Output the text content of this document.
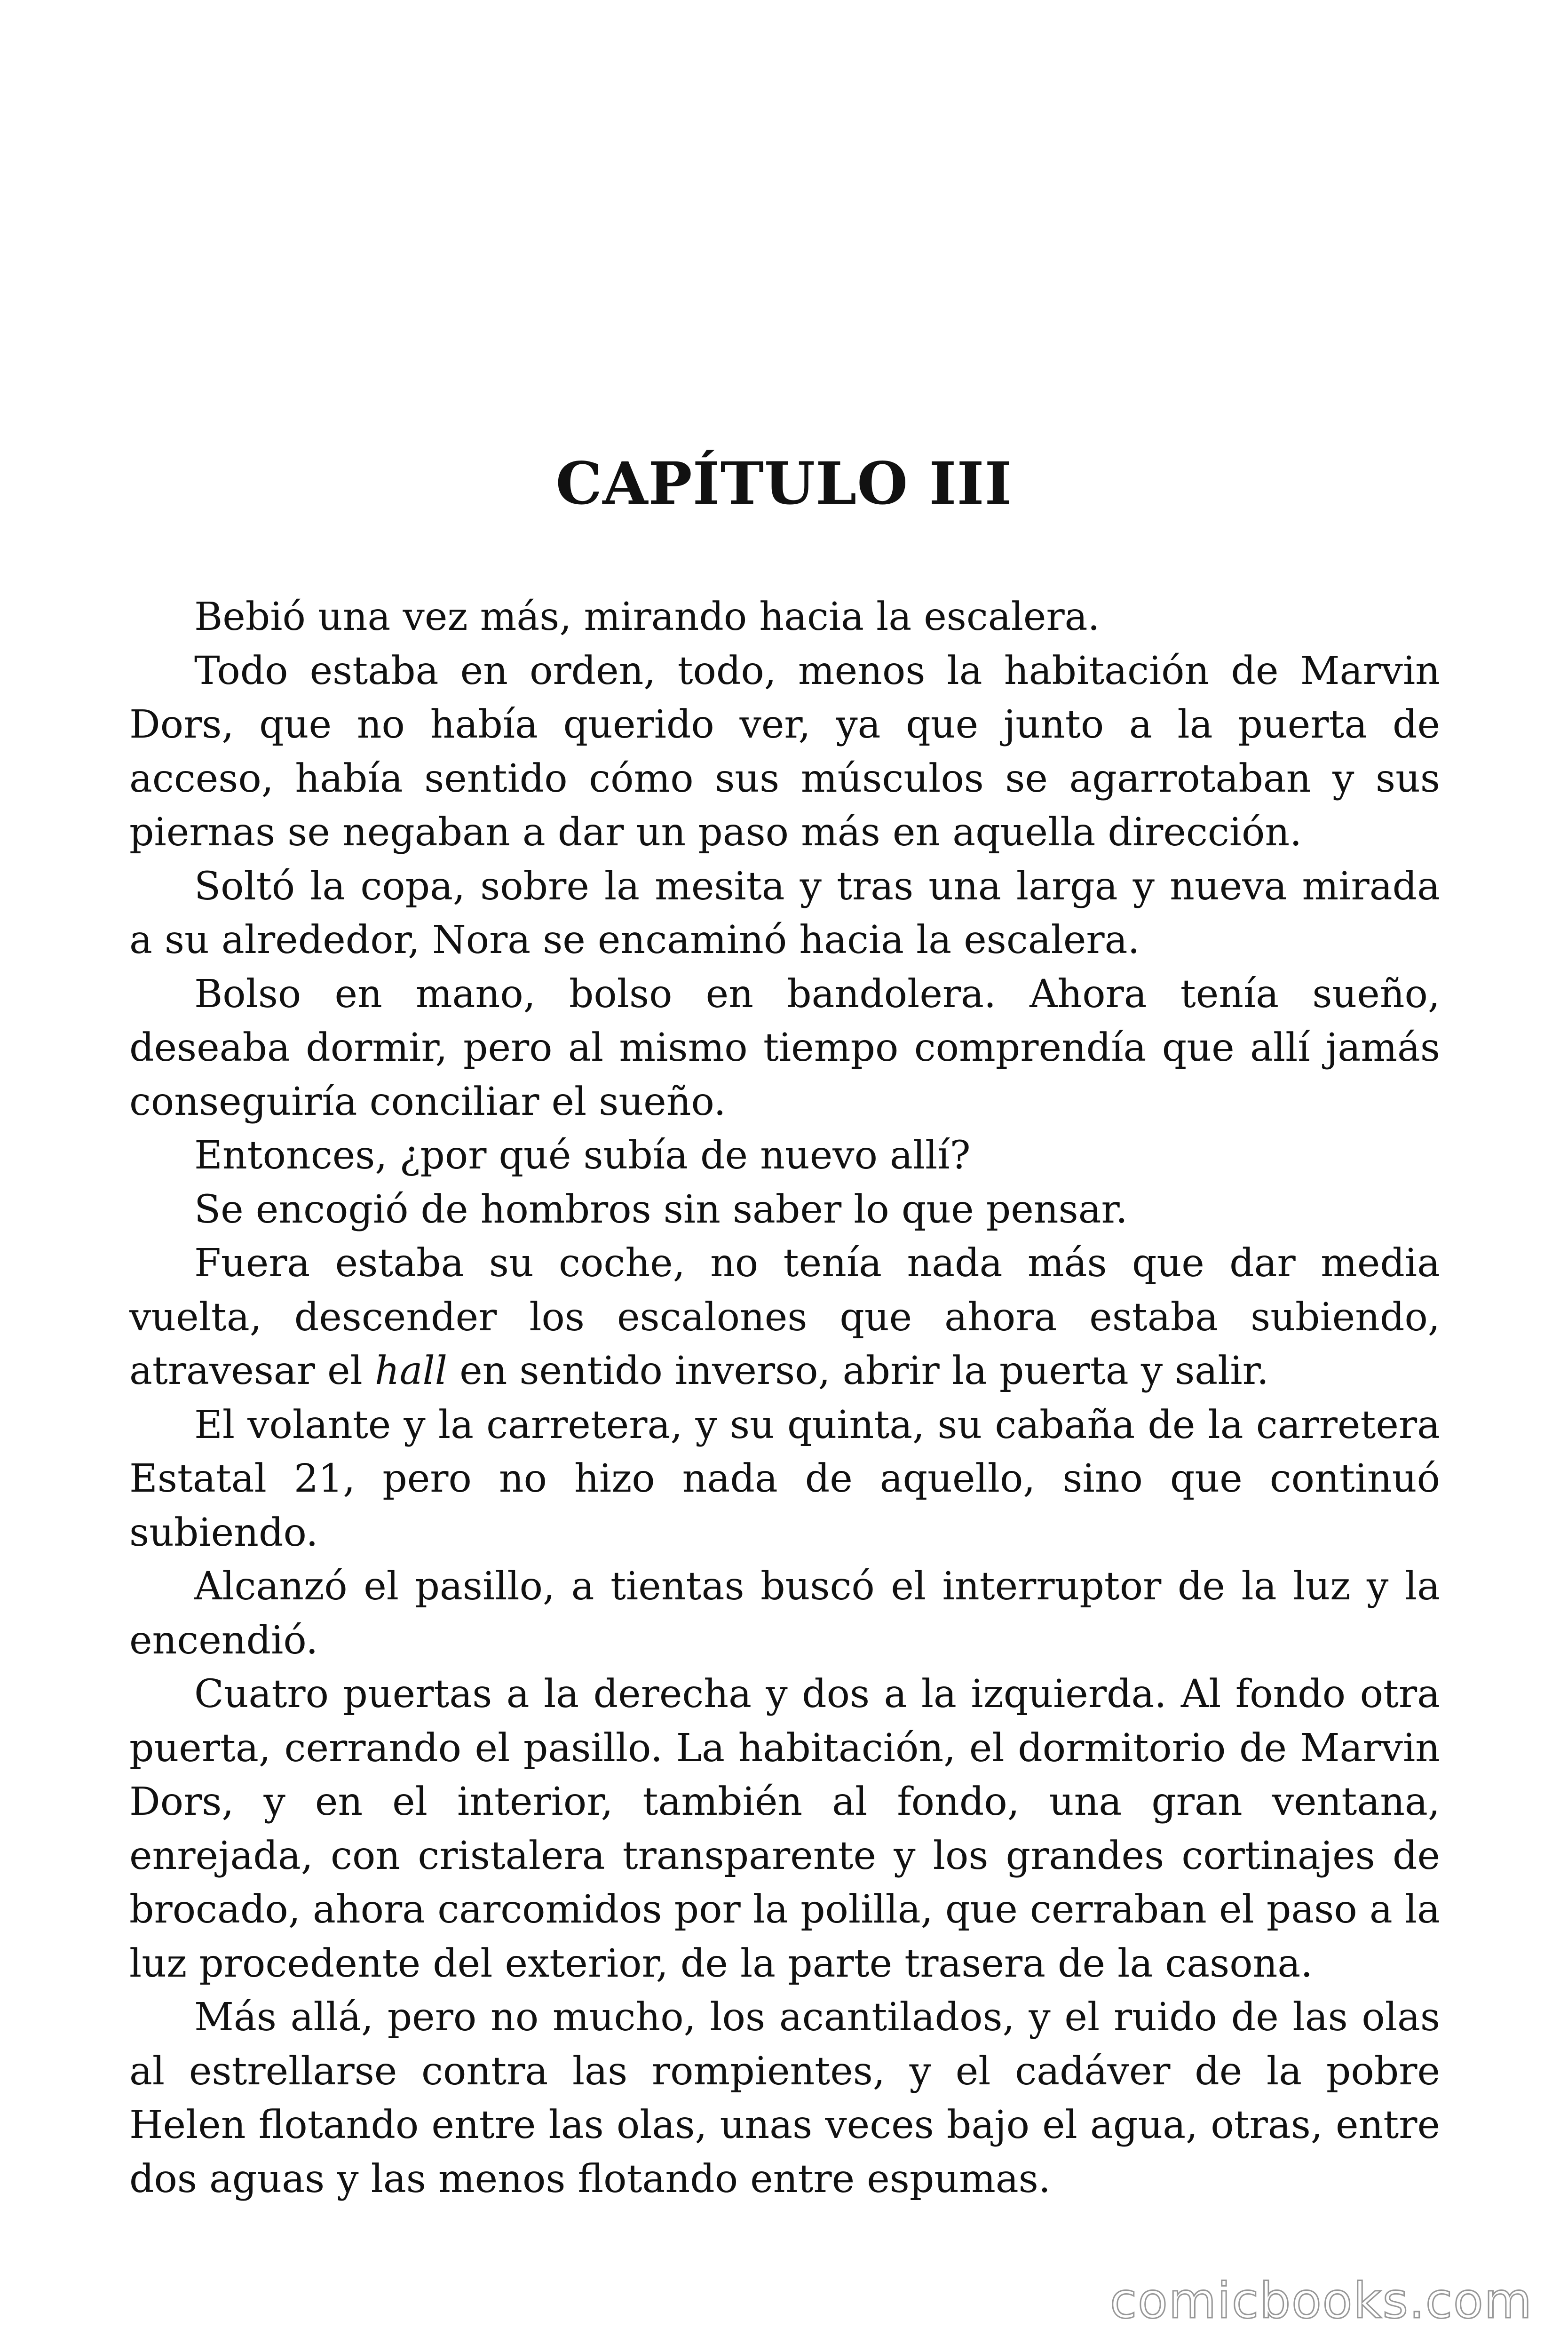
CAPÍTULO III

Bebió una vez más, mirando hacia la escalera.

Todo estaba en orden, todo, menos la habitación de Marvin Dors, que no había querido ver, ya que junto a la puerta de acceso, había sentido cómo sus músculos se agarrotaban y sus piernas se negaban a dar un paso más en aquella dirección.

Soltó la copa, sobre la mesita y tras una larga y nueva mirada a su alrededor, Nora se encaminó hacia la escalera.

Bolso en mano, bolso en bandolera. Ahora tenía sueño, deseaba dormir, pero al mismo tiempo comprendía que allí jamás conseguiría conciliar el sueño.

Entonces, ¿por qué subía de nuevo allí?

Se encogió de hombros sin saber lo que pensar.

Fuera estaba su coche, no tenía nada más que dar media vuelta, descender los escalones que ahora estaba subiendo, atravesar el hall en sentido inverso, abrir la puerta y salir.

El volante y la carretera, y su quinta, su cabaña de la carretera Estatal 21, pero no hizo nada de aquello, sino que continuó subiendo.

Alcanzó el pasillo, a tientas buscó el interruptor de la luz y la encendió.

Cuatro puertas a la derecha y dos a la izquierda. Al fondo otra puerta, cerrando el pasillo. La habitación, el dormitorio de Marvin Dors, y en el interior, también al fondo, una gran ventana, enrejada, con cristalera transparente y los grandes cortinajes de brocado, ahora carcomidos por la polilla, que cerraban el paso a la luz procedente del exterior, de la parte trasera de la casona.

Más allá, pero no mucho, los acantilados, y el ruido de las olas al estrellarse contra las rompientes, y el cadáver de la pobre Helen flotando entre las olas, unas veces bajo el agua, otras, entre dos aguas y las menos flotando entre espumas.

comicbooks.com
